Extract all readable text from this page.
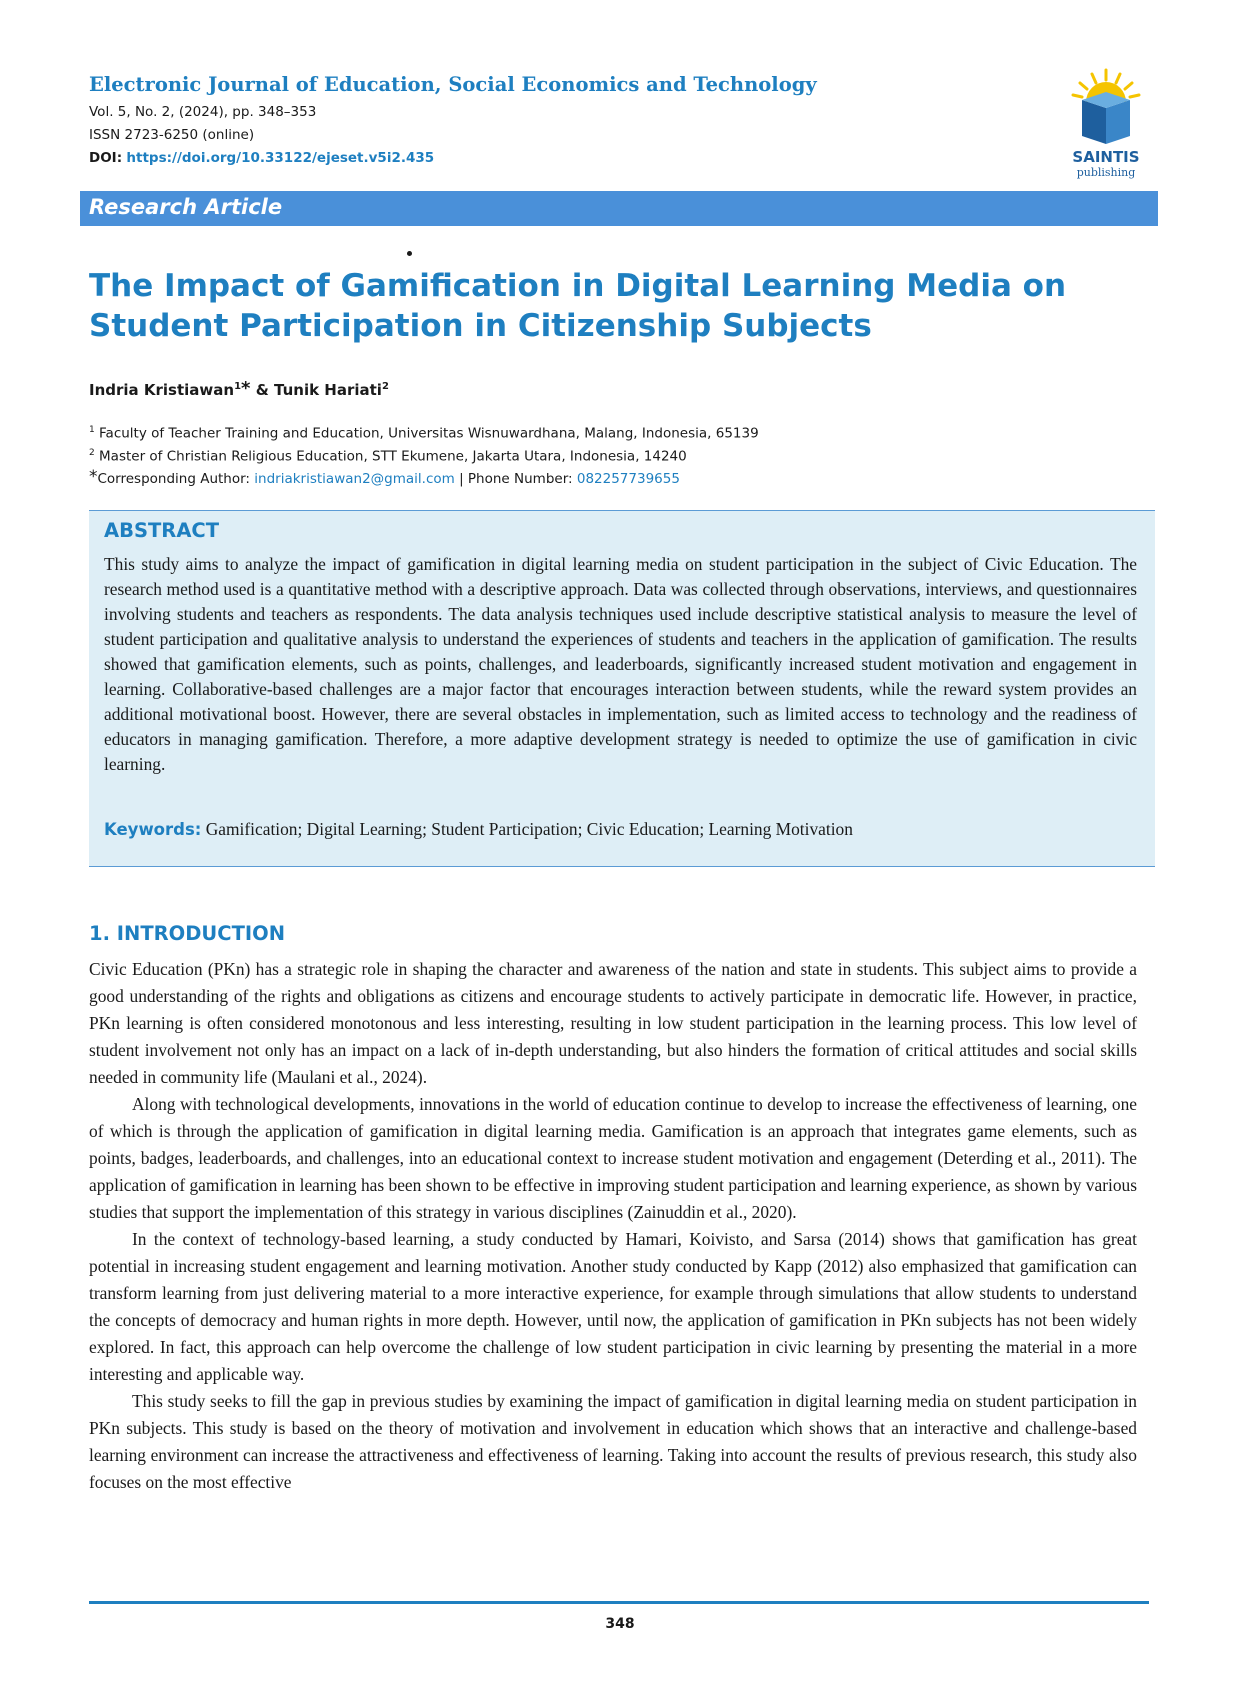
Electronic Journal of Education, Social Economics and Technology
Vol. 5, No. 2, (2024), pp. 348–353
ISSN 2723-6250 (online)
DOI: https://doi.org/10.33122/ejeset.v5i2.435	SAINTIS
publishing
Research Article
The Impact of Gamification in Digital Learning Media on Student Participation in Citizenship Subjects
Indria Kristiawan$^1$* & Tunik Hariati$^2$
$^1$ Faculty of Teacher Training and Education, Universitas Wisnuwardhana, Malang, Indonesia, 65139
$^2$ Master of Christian Religious Education, STT Ekumene, Jakarta Utara, Indonesia, 14240
*Corresponding Author: indriakristiawan2@gmail.com | Phone Number: 082257739655
ABSTRACT
This study aims to analyze the impact of gamification in digital learning media on student participation in the subject of Civic Education. The research method used is a quantitative method with a descriptive approach. Data was collected through observations, interviews, and questionnaires involving students and teachers as respondents. The data analysis techniques used include descriptive statistical analysis to measure the level of student participation and qualitative analysis to understand the experiences of students and teachers in the application of gamification. The results showed that gamification elements, such as points, challenges, and leaderboards, significantly increased student motivation and engagement in learning. Collaborative-based challenges are a major factor that encourages interaction between students, while the reward system provides an additional motivational boost. However, there are several obstacles in implementation, such as limited access to technology and the readiness of educators in managing gamification. Therefore, a more adaptive development strategy is needed to optimize the use of gamification in civic learning.
Keywords: Gamification; Digital Learning; Student Participation; Civic Education; Learning Motivation
1. INTRODUCTION

Civic Education (PKn) has a strategic role in shaping the character and awareness of the nation and state in students. This subject aims to provide a good understanding of the rights and obligations as citizens and encourage students to actively participate in democratic life. However, in practice, PKn learning is often considered monotonous and less interesting, resulting in low student participation in the learning process. This low level of student involvement not only has an impact on a lack of in-depth understanding, but also hinders the formation of critical attitudes and social skills needed in community life (Maulani et al., 2024).

Along with technological developments, innovations in the world of education continue to develop to increase the effectiveness of learning, one of which is through the application of gamification in digital learning media. Gamification is an approach that integrates game elements, such as points, badges, leaderboards, and challenges, into an educational context to increase student motivation and engagement (Deterding et al., 2011). The application of gamification in learning has been shown to be effective in improving student participation and learning experience, as shown by various studies that support the implementation of this strategy in various disciplines (Zainuddin et al., 2020).

In the context of technology-based learning, a study conducted by Hamari, Koivisto, and Sarsa (2014) shows that gamification has great potential in increasing student engagement and learning motivation. Another study conducted by Kapp (2012) also emphasized that gamification can transform learning from just delivering material to a more interactive experience, for example through simulations that allow students to understand the concepts of democracy and human rights in more depth. However, until now, the application of gamification in PKn subjects has not been widely explored. In fact, this approach can help overcome the challenge of low student participation in civic learning by presenting the material in a more interesting and applicable way.

This study seeks to fill the gap in previous studies by examining the impact of gamification in digital learning media on student participation in PKn subjects. This study is based on the theory of motivation and involvement in education which shows that an interactive and challenge-based learning environment can increase the attractiveness and effectiveness of learning. Taking into account the results of previous research, this study also focuses on the most effective

348
